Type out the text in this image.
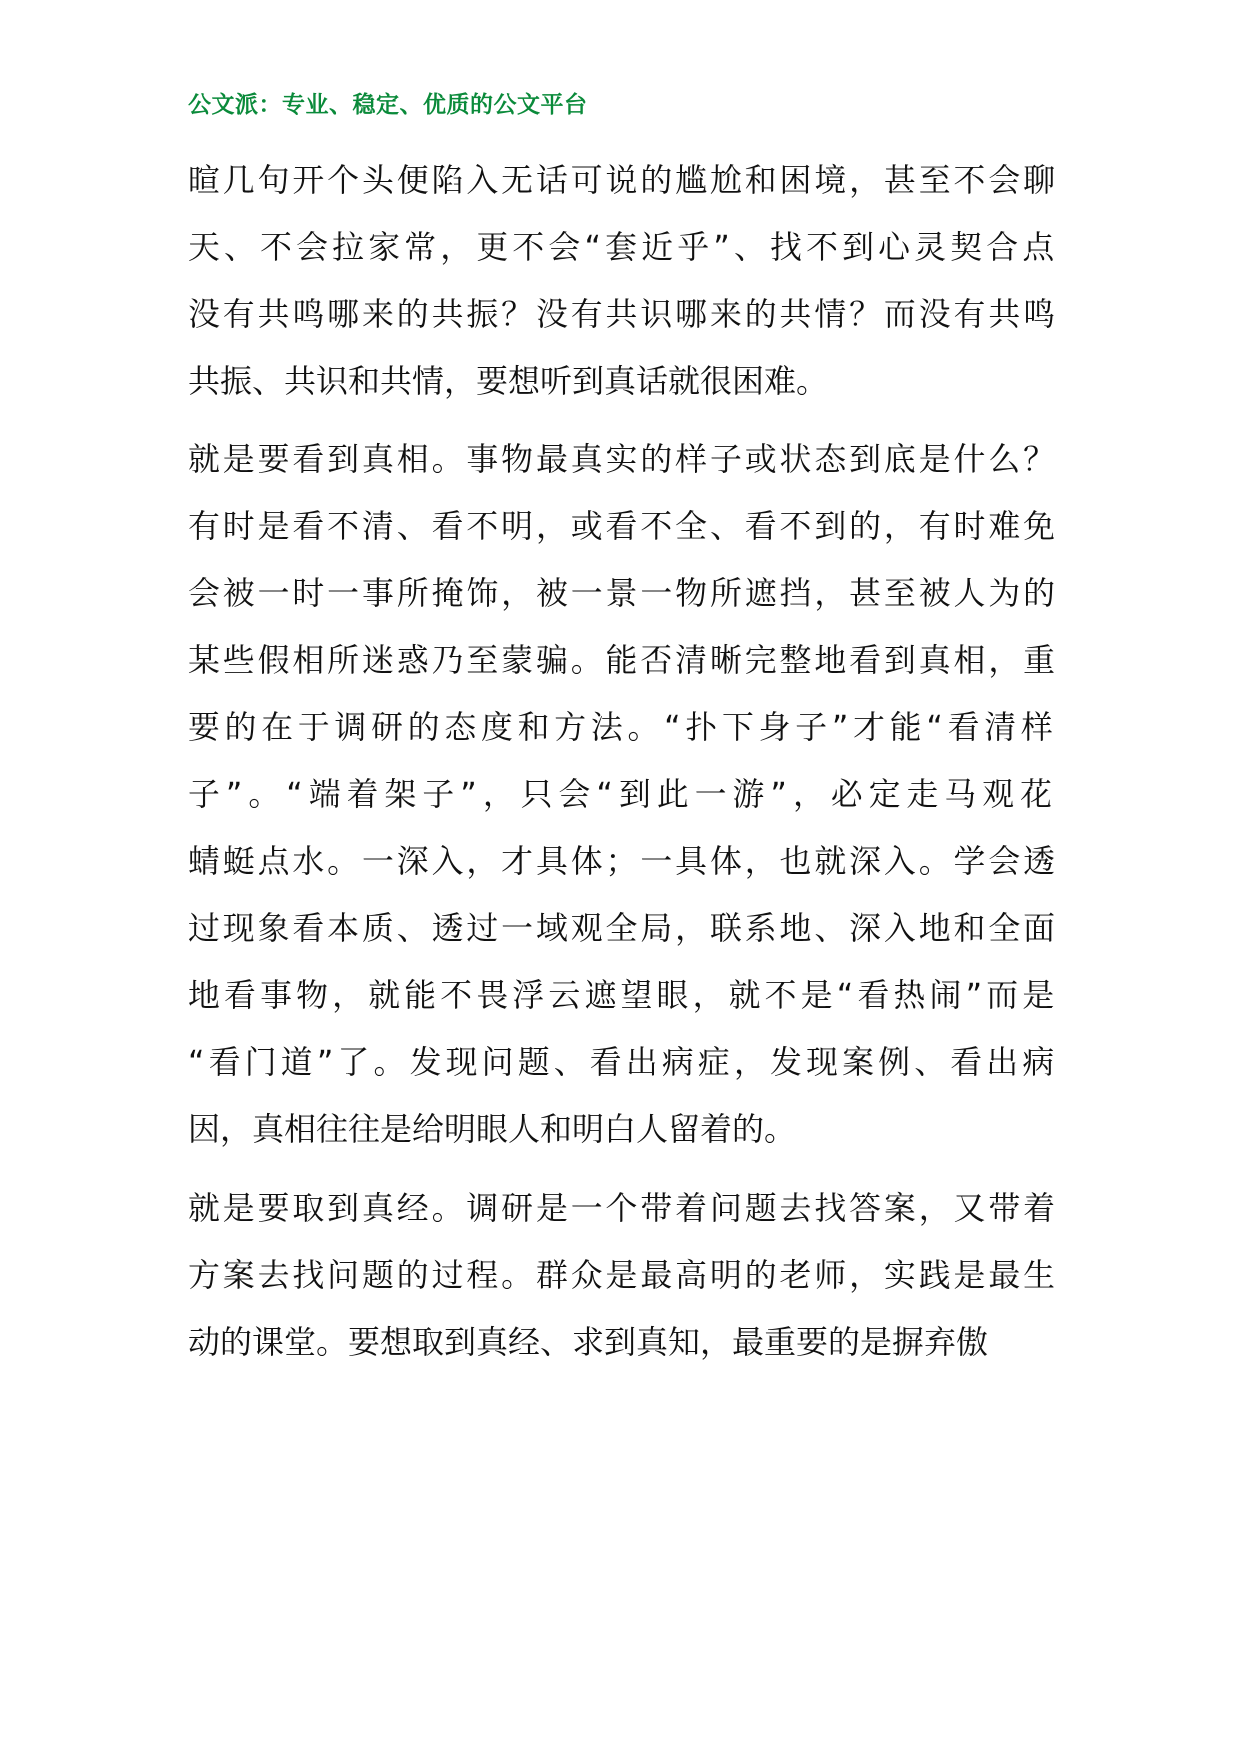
公文派：专业、稳定、优质的公文平台
暄几句开个头便陷入无话可说的尴尬和困境，甚至不会聊
天、不会拉家常，更不会“套近乎”、找不到心灵契合点
没有共鸣哪来的共振？没有共识哪来的共情？而没有共鸣
共振、共识和共情，要想听到真话就很困难。
就是要看到真相。事物最真实的样子或状态到底是什么？
有时是看不清、看不明，或看不全、看不到的，有时难免
会被一时一事所掩饰，被一景一物所遮挡，甚至被人为的
某些假相所迷惑乃至蒙骗。能否清晰完整地看到真相，重
要的在于调研的态度和方法。“扑下身子”才能“看清样
子”。“端着架子”，只会“到此一游”，必定走马观花
蜻蜓点水。一深入，才具体；一具体，也就深入。学会透
过现象看本质、透过一域观全局，联系地、深入地和全面
地看事物，就能不畏浮云遮望眼，就不是“看热闹”而是
“看门道”了。发现问题、看出病症，发现案例、看出病
因，真相往往是给明眼人和明白人留着的。
就是要取到真经。调研是一个带着问题去找答案，又带着
方案去找问题的过程。群众是最高明的老师，实践是最生
动的课堂。要想取到真经、求到真知，最重要的是摒弃傲
